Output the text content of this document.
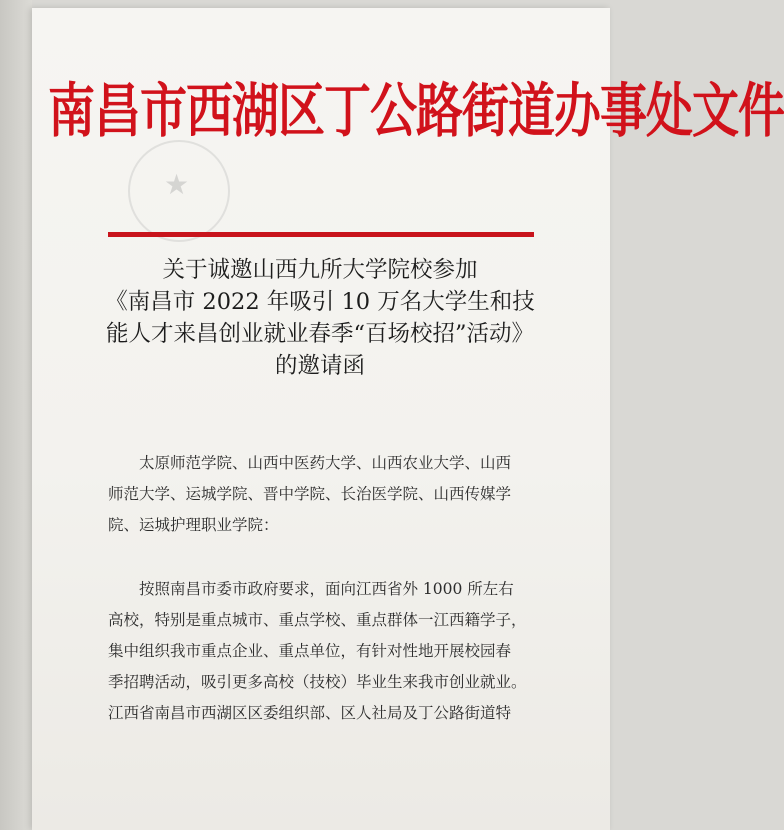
★
南昌市西湖区丁公路街道办事处文件
关于诚邀山西九所大学院校参加
《南昌市 2022 年吸引 10 万名大学生和技
能人才来昌创业就业春季“百场校招”活动》
的邀请函
太原师范学院、山西中医药大学、山西农业大学、山西
师范大学、运城学院、晋中学院、长治医学院、山西传媒学
院、运城护理职业学院：
按照南昌市委市政府要求，面向江西省外 1000 所左右
高校，特别是重点城市、重点学校、重点群体一江西籍学子，
集中组织我市重点企业、重点单位，有针对性地开展校园春
季招聘活动，吸引更多高校（技校）毕业生来我市创业就业。
江西省南昌市西湖区区委组织部、区人社局及丁公路街道特
